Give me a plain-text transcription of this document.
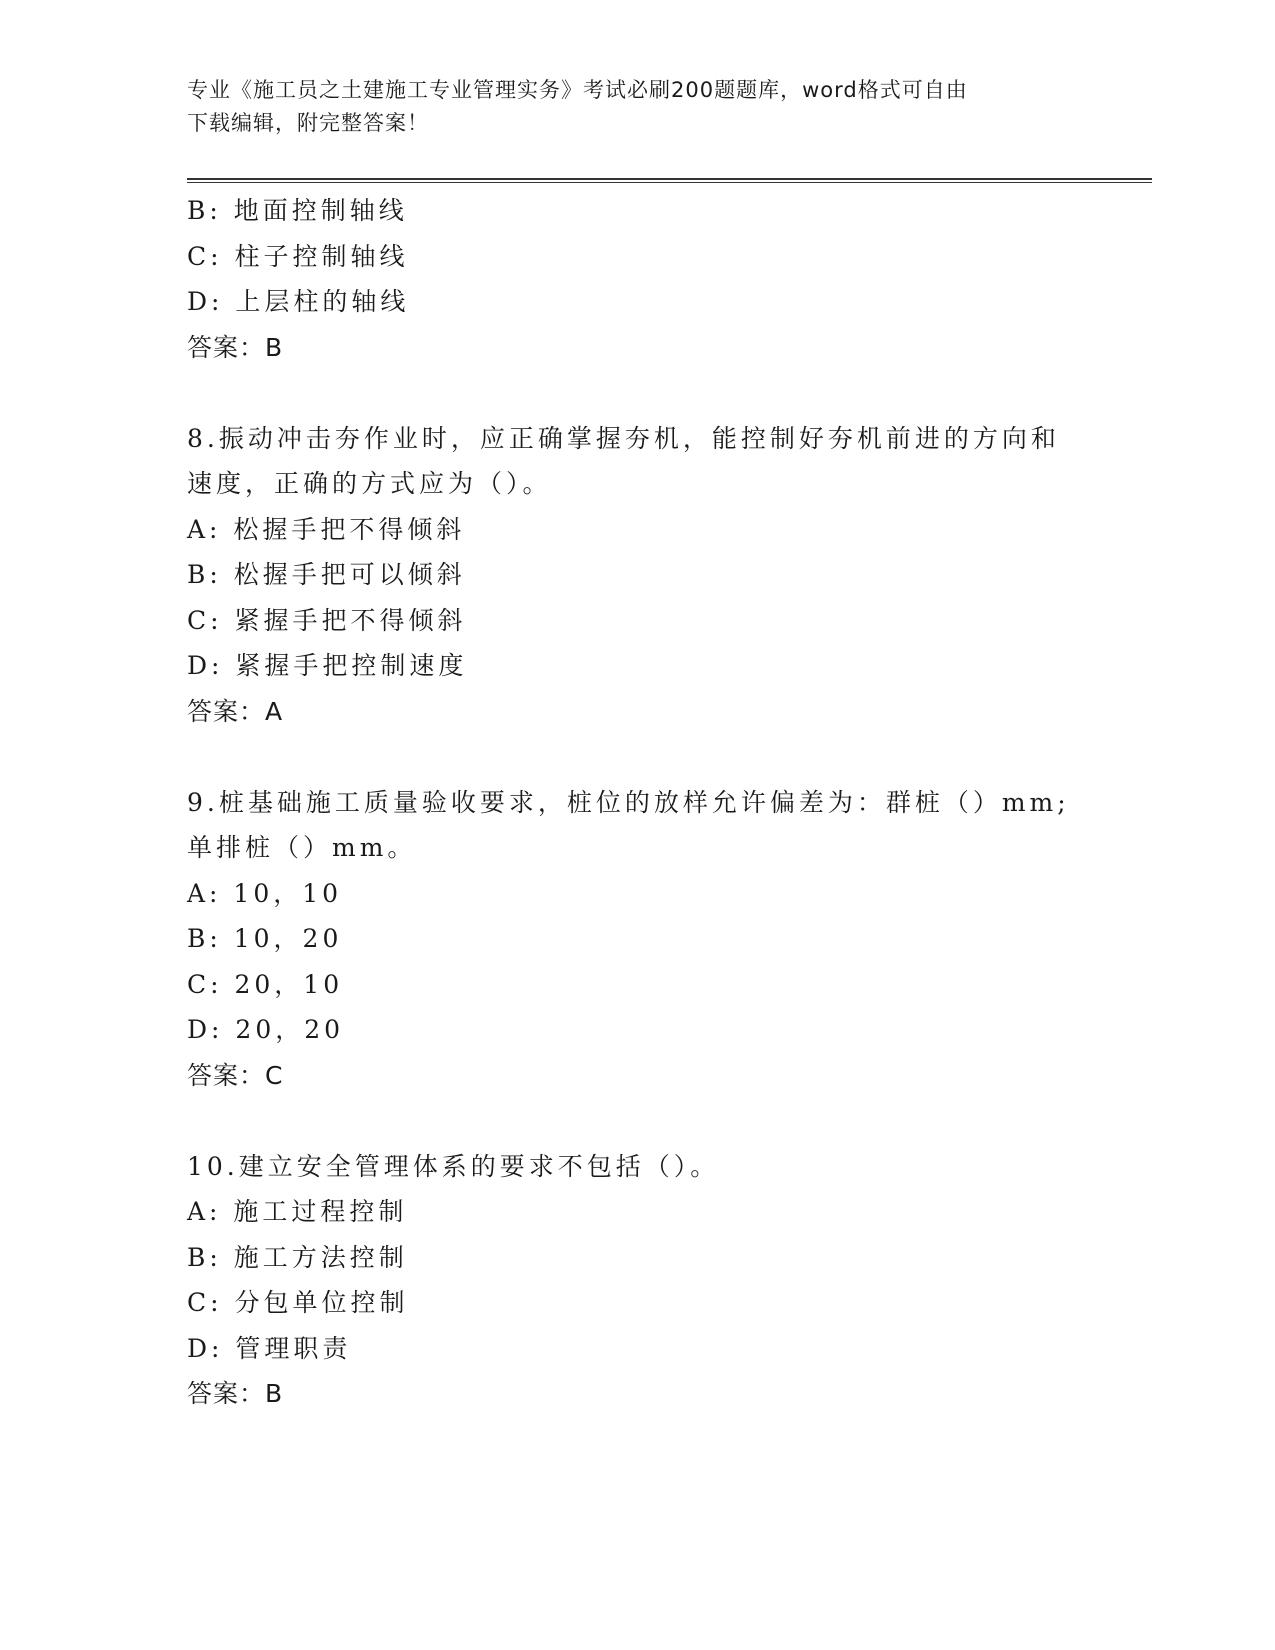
专业《施工员之土建施工专业管理实务》考试必刷200题题库，word格式可自由
下载编辑，附完整答案！
B: 地面控制轴线
C: 柱子控制轴线
D: 上层柱的轴线
答案：B
8.振动冲击夯作业时，应正确掌握夯机，能控制好夯机前进的方向和
速度，正确的方式应为（）。
A: 松握手把不得倾斜
B: 松握手把可以倾斜
C: 紧握手把不得倾斜
D: 紧握手把控制速度
答案：A
9.桩基础施工质量验收要求，桩位的放样允许偏差为：群桩（）mm;
单排桩（）mm。
A: 10，10
B: 10，20
C: 20，10
D: 20，20
答案：C
10.建立安全管理体系的要求不包括（）。
A: 施工过程控制
B: 施工方法控制
C: 分包单位控制
D: 管理职责
答案：B
